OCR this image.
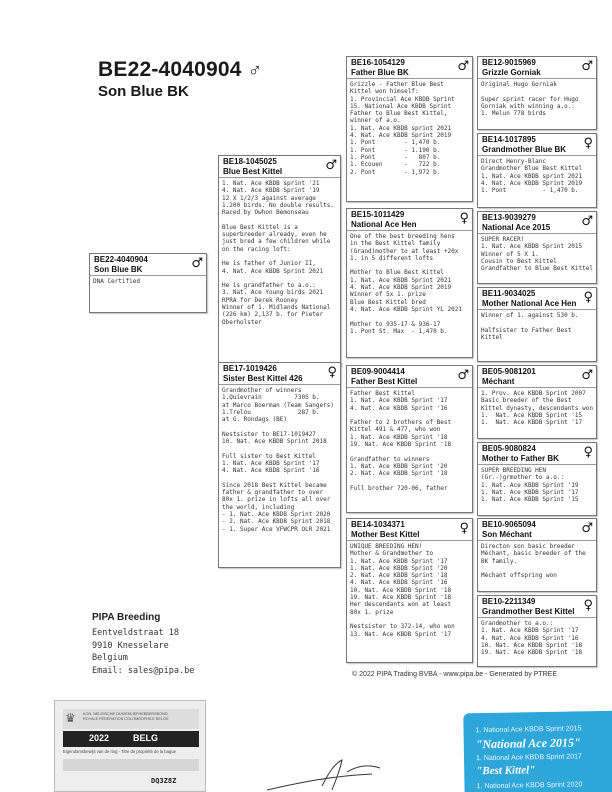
BE22-4040904 ♂
Son Blue BK
BE22-4040904
Son Blue BK	♂
DNA Certified
BE18-1045025
Blue Best Kittel	♂
1. Nat. Ace KBDB sprint '21
4. Nat. Ace KBDB Sprint '19
12 X 1/2/3 against average
1.200 birds. No double results.
Raced by Owhon Bemonseau

Blue Best Kittel is a
superbreeder already, even he
just bred a few children while
on the racing loft:

He is father of Junior II,
4. Nat. Ace KBDB Sprint 2021

He is grandfather to a.o.:
3. Nat. Ace Young birds 2021
RPRA for Derek Rooney
Winner of 1. Midlands National
(226 km) 2,137 b. for Pieter
Oberholster
BE17-1019426
Sister Best Kittel 426	♀
Grandmother of winners
1.Quievrain         7305 b.
at Marco Boerman (Team Sangers)
1.Trelou             287 b.
at G. Rondags (BE)

Nestsister to BE17-1019427
10. Nat. Ace KBDB Sprint 2018

Full sister to Best Kittel
1. Nat. Ace KBDB Sprint '17
4. Nat. Ace KBDB Sprint '16

Since 2018 Best Kittel became
father & grandfather to over
80x 1. prize in lofts all over
the world, including
- 1. Nat. Ace KBDB Sprint 2020
- 2. Nat. Ace KBDB Sprint 2018
- 1. Super Ace VFWCPR OLR 2021
BE16-1054129
Father Blue BK	♂
Grizzle - Father Blue Best
Kittel won himself:
1. Provincial Ace KBDB Sprint
15. National Ace KBDB Sprint
Father to Blue Best Kittel,
winner of a.o.
1. Nat. Ace KBDB sprint 2021
4. Nat. Ace KBDB Sprint 2019
1. Pont        - 1,470 b.
1. Pont        - 1.190 b.
1. Pont        -   807 b.
1. Ecouen      -   722 b.
2. Pont        - 1,972 b.
BE15-1011429
National Ace Hen	♀
One of the best breeding hens
in the Best Kittel family
(Grand)mother to at least +20x
1. in 5 different lofts

Mother to Blue Best Kittel
1. Nat. Ace KBDB Sprint 2021
4. Nat. Ace KBDB Sprint 2019
Winner of 5x 1. prize
Blue Best Kittel bred
4. Nat. Ace KBDB Sprint YL 2021

Mother to 935-17 & 936-17
1. Pont St. Max  - 1,470 b.
BE09-9004414
Father Best Kittel	♂
Father Best Kittel
1. Nat. Ace KBDB Sprint '17
4. Nat. Ace KBDB Sprint '16

Father to 2 brothers of Best
Kittel 491 & 477, who won
1. Nat. Ace KBDB Sprint '18
19. Nat. Ace KBDB Sprint '18

Grandfather to winners
1. Nat. Ace KBDB Sprint '20
2. Nat. Ace KBDB Sprint '18

Full brother 720-06, father
BE14-1034371
Mother Best Kittel	♀
UNIQUE BREEDING HEN!
Mother & Grandmother to
1. Nat. Ace KBDB Sprint '17
1. Nat. Ace KBDB Sprint '20
2. Nat. Ace KBDB Sprint '18
4. Nat. Ace KBDB Sprint '16
10. Nat. Ace KBDB Sprint '18
19. Nat. Ace KBDB Sprint '18
Her descendants won at least
80x 1. prize

Nestsister to 372-14, who won
13. Nat. Ace KBDB Sprint '17
BE12-9015969
Grizzle Gorniak	♂
Original Hugo Gorniak

Super sprint racer for Hugo
Gorniak with winning a.o.:
1. Melun 778 birds
BE14-1017895
Grandmother Blue BK	♀
Direct Henry-Blanc
Grandmother Blue Best Kittel
1. Nat. Ace KBDB sprint 2021
4. Nat. Ace KBDB Sprint 2019
1. Pont          - 1,470 b.
BE13-9039279
National Ace 2015	♂
SUPER RACER!
1. Nat. Ace KBDB Sprint 2015
Winner of 5 X 1.
Cousin to Best Kittel
Grandfather to Blue Best Kittel
BE11-9034025
Mother National Ace Hen ♀
Winner of 1. against 530 b.

Halfsister to Father Best
Kittel
BE05-9081201
Méchant	♂
1. Prov. Ace KBDB Sprint 2007
Basic breeder of the Best
Kittel dynasty, descendants won
1.  Nat. Ace KBDB Sprint '15
1.  Nat. Ace KBDB Sprint '17
BE05-9080824
Mother to Father BK	♀
SUPER BREEDING HEN
(Gr.-)grmother to a.o.:
1. Nat. Ace KBDB Sprint '19
1. Nat. Ace KBDB Sprint '17
1. Nat. Ace KBDB Sprint '15
BE10-9065094
Son Méchant	♂
Directon son basic breeder
Méchant, basic breeder of the
BK family.

Méchant offspring won
BE10-2211349
Grandmother Best Kittel ♀
Grandmother to a.o.:
1. Nat. Ace KBDB Sprint '17
4. Nat. Ace KBDB Sprint '16
10. Nat. Ace KBDB Sprint '18
19. Nat. Ace KBDB Sprint '18
PIPA Breeding
Eentveldstraat 18
9910 Knesselare
Belgium
Email: sales@pipa.be	© 2022 PIPA Trading BVBA - www.pipa.be - Generated by PTREE
♛ KON. BELGISCHE DUIVENLIEFHEBBERSBOND
ROYALE FÉDÉRATION COLOMBOPHILE BELGE
2022	BELG
Eigendomsbewijs van de ring - Titre de propriété de la bague
DQ3Z8Z
1. National Ace KBDB Sprint 2015
"National Ace 2015"
1. National Ace KBDB Sprint 2017
"Best Kittel"
1. National Ace KBDB Sprint 2020
